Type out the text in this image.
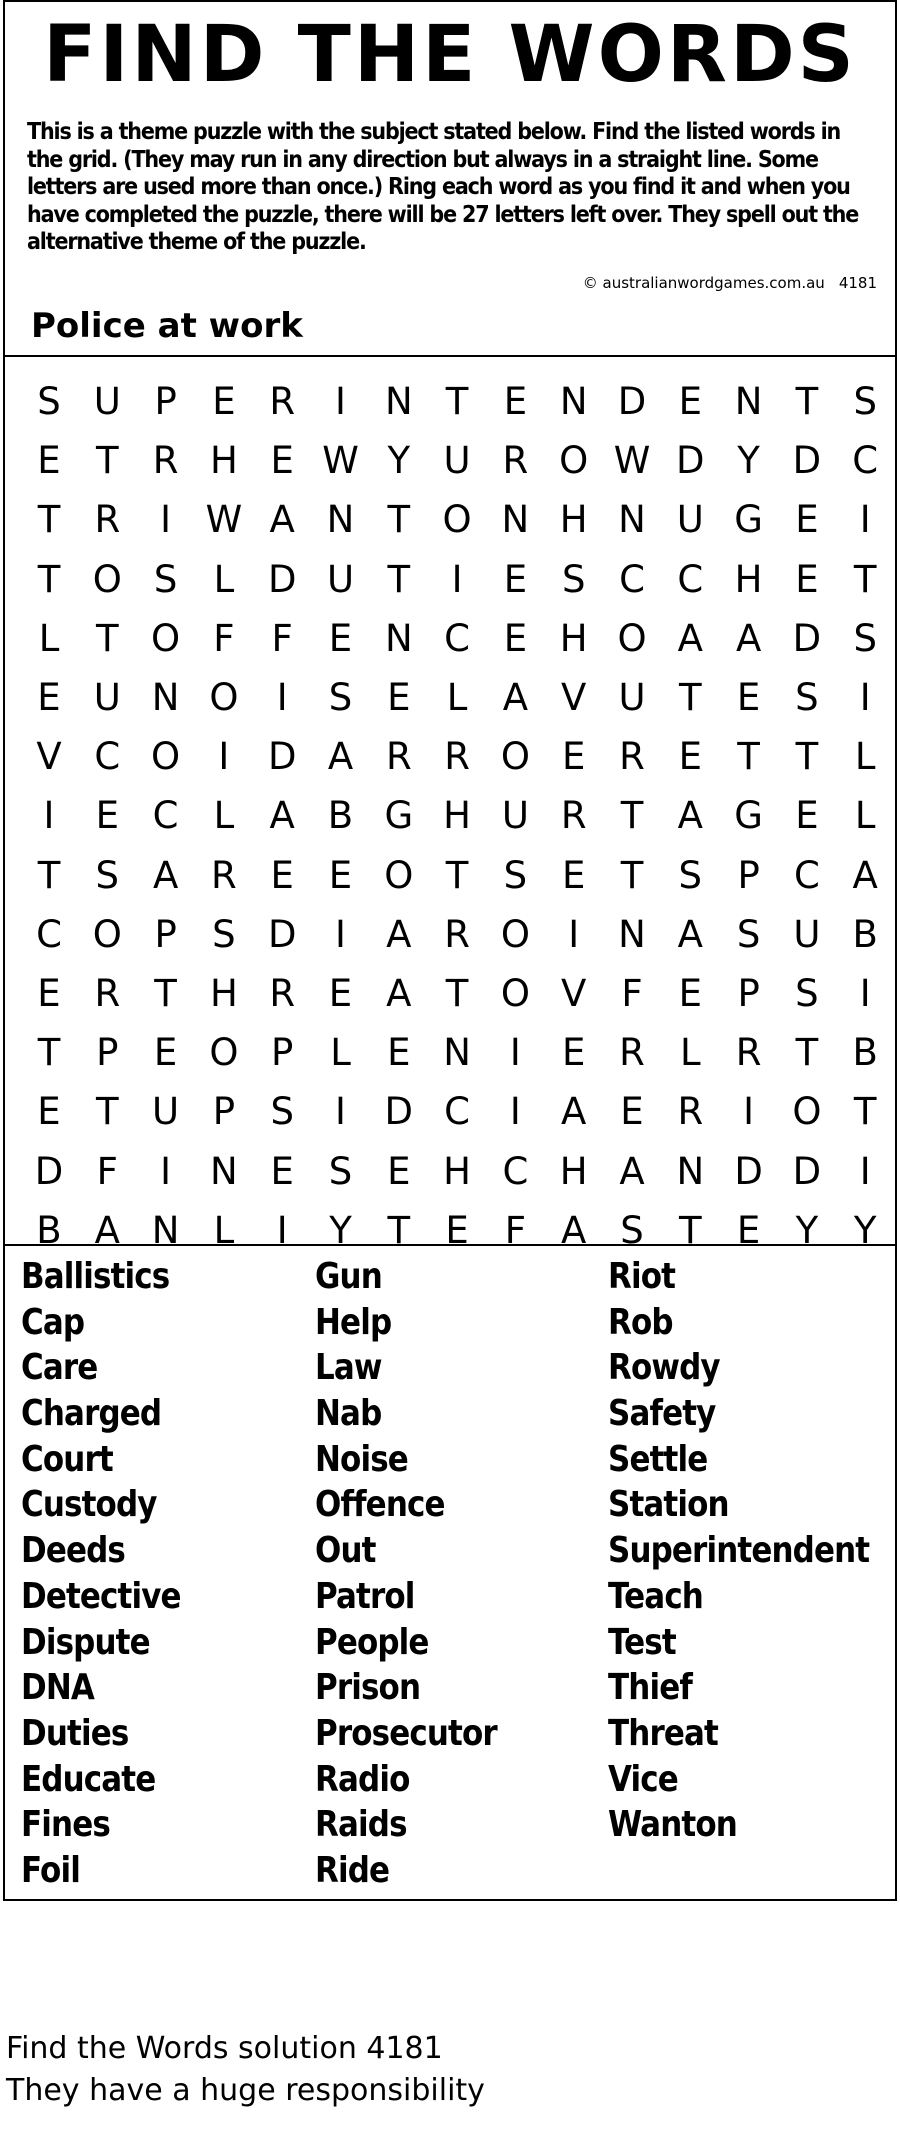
FIND THE WORDS
This is a theme puzzle with the subject stated below. Find the listed words in the grid. (They may run in any direction but always in a straight line. Some letters are used more than once.) Ring each word as you find it and when you have completed the puzzle, there will be 27 letters left over. They spell out the alternative theme of the puzzle.
© australianwordgames.com.au 4181
Police at work
S U P E R	I	N T E N D E N T S
E T R H E W Y U R O W D Y D C
T R	I W A N T O N H N U G E	I
T O S L D U T	I	E S C C H E T
L T O F	F E N C E H O A A D S
E U N O	I	S E L A V U T E S	I
V C O	I	D A R R O E R E T T L
I	E C L A B G H U R T A G E L
T S A R E E O T S E T S P C A
C O P S D	I	A R O	I	N A S U B
E R T H R E A T O V F E P S	I
T P E O P L E N	I	E R L R T B
E T U P S	I	D C	I	A E R	I	O T
D F	I	N E S E H C H A N D D	I
B A N L	I	Y T E F A S T E Y Y
Ballistics
Cap
Care
Charged
Court
Custody
Deeds
Detective
Dispute
DNA
Duties
Educate
Fines
Foil
Gun
Help
Law
Nab
Noise
Offence
Out
Patrol
People
Prison
Prosecutor
Radio
Raids
Ride
Riot
Rob
Rowdy
Safety
Settle
Station
Superintendent
Teach
Test
Thief
Threat
Vice
Wanton
Find the Words solution 4181
They have a huge responsibility
